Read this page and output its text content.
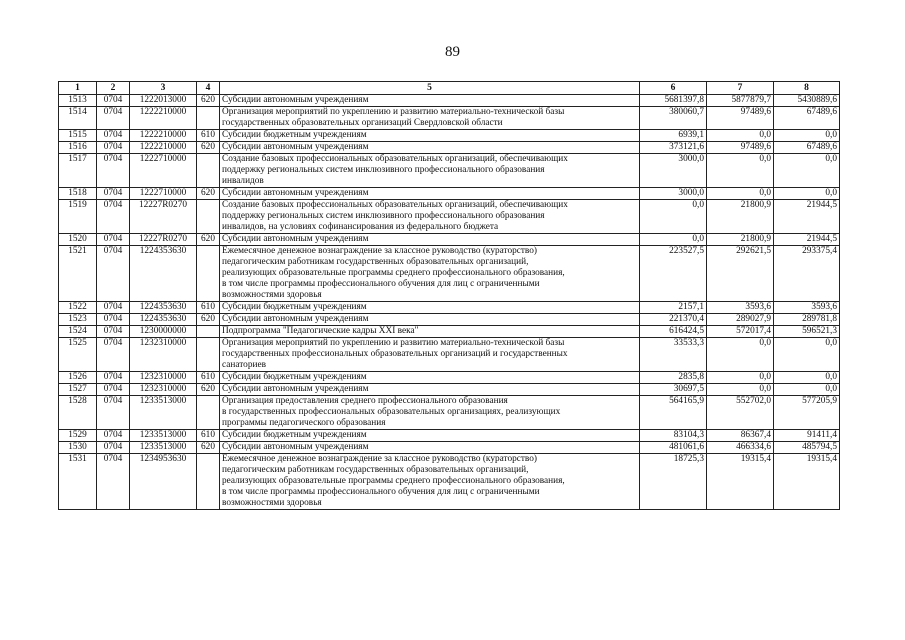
89
1	2	3	4	5	6	7	8
1513	0704	1222013000	620	Субсидии автономным учреждениям	5681397,8	5877879,7	5430889,6
1514	0704	1222210000		Организация мероприятий по укреплению и развитию материально-технической базы
государственных образовательных организаций Свердловской области	380060,7	97489,6	67489,6
1515	0704	1222210000	610	Субсидии бюджетным учреждениям	6939,1	0,0	0,0
1516	0704	1222210000	620	Субсидии автономным учреждениям	373121,6	97489,6	67489,6
1517	0704	1222710000		Создание базовых профессиональных образовательных организаций, обеспечивающих
поддержку региональных систем инклюзивного профессионального образования
инвалидов	3000,0	0,0	0,0
1518	0704	1222710000	620	Субсидии автономным учреждениям	3000,0	0,0	0,0
1519	0704	12227R0270		Создание базовых профессиональных образовательных организаций, обеспечивающих
поддержку региональных систем инклюзивного профессионального образования
инвалидов, на условиях софинансирования из федерального бюджета	0,0	21800,9	21944,5
1520	0704	12227R0270	620	Субсидии автономным учреждениям	0,0	21800,9	21944,5
1521	0704	1224353630		Ежемесячное денежное вознаграждение за классное руководство (кураторство)
педагогическим работникам государственных образовательных организаций,
реализующих образовательные программы среднего профессионального образования,
в том числе программы профессионального обучения для лиц с ограниченными
возможностями здоровья	223527,5	292621,5	293375,4
1522	0704	1224353630	610	Субсидии бюджетным учреждениям	2157,1	3593,6	3593,6
1523	0704	1224353630	620	Субсидии автономным учреждениям	221370,4	289027,9	289781,8
1524	0704	1230000000		Подпрограмма "Педагогические кадры XXI века"	616424,5	572017,4	596521,3
1525	0704	1232310000		Организация мероприятий по укреплению и развитию материально-технической базы
государственных профессиональных образовательных организаций и государственных
санаториев	33533,3	0,0	0,0
1526	0704	1232310000	610	Субсидии бюджетным учреждениям	2835,8	0,0	0,0
1527	0704	1232310000	620	Субсидии автономным учреждениям	30697,5	0,0	0,0
1528	0704	1233513000		Организация предоставления среднего профессионального образования
в государственных профессиональных образовательных организациях, реализующих
программы педагогического образования	564165,9	552702,0	577205,9
1529	0704	1233513000	610	Субсидии бюджетным учреждениям	83104,3	86367,4	91411,4
1530	0704	1233513000	620	Субсидии автономным учреждениям	481061,6	466334,6	485794,5
1531	0704	1234953630		Ежемесячное денежное вознаграждение за классное руководство (кураторство)
педагогическим работникам государственных образовательных организаций,
реализующих образовательные программы среднего профессионального образования,
в том числе программы профессионального обучения для лиц с ограниченными
возможностями здоровья	18725,3	19315,4	19315,4
